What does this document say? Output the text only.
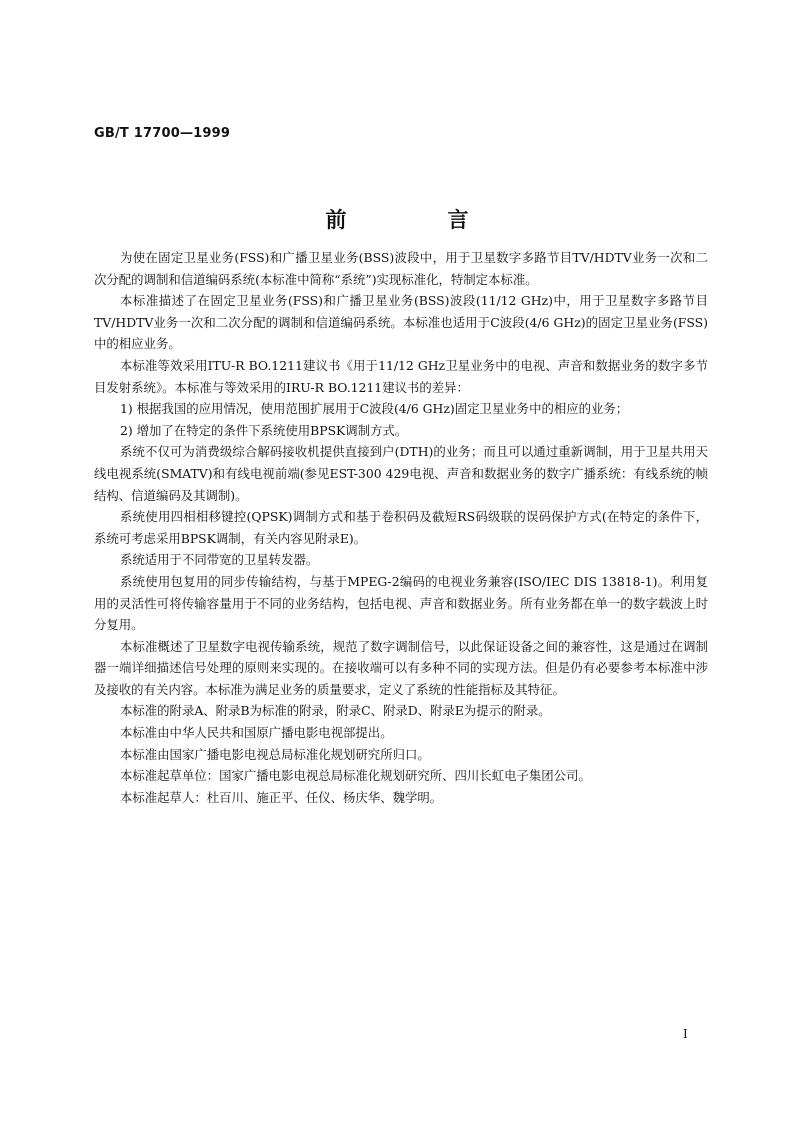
GB/T 17700—1999
前　言

为使在固定卫星业务(FSS)和广播卫星业务(BSS)波段中，用于卫星数字多路节目TV/HDTV业务一次和二次分配的调制和信道编码系统(本标准中简称“系统”)实现标准化，特制定本标准。

本标准描述了在固定卫星业务(FSS)和广播卫星业务(BSS)波段(11/12 GHz)中，用于卫星数字多路节目TV/HDTV业务一次和二次分配的调制和信道编码系统。本标准也适用于C波段(4/6 GHz)的固定卫星业务(FSS)中的相应业务。

本标准等效采用ITU-R BO.1211建议书《用于11/12 GHz卫星业务中的电视、声音和数据业务的数字多节目发射系统》。本标准与等效采用的IRU-R BO.1211建议书的差异：

1) 根据我国的应用情况，使用范围扩展用于C波段(4/6 GHz)固定卫星业务中的相应的业务；

2) 增加了在特定的条件下系统使用BPSK调制方式。

系统不仅可为消费级综合解码接收机提供直接到户(DTH)的业务；而且可以通过重新调制，用于卫星共用天线电视系统(SMATV)和有线电视前端(参见EST-300 429电视、声音和数据业务的数字广播系统：有线系统的帧结构、信道编码及其调制)。

系统使用四相相移键控(QPSK)调制方式和基于卷积码及截短RS码级联的误码保护方式(在特定的条件下，系统可考虑采用BPSK调制，有关内容见附录E)。

系统适用于不同带宽的卫星转发器。

系统使用包复用的同步传输结构，与基于MPEG-2编码的电视业务兼容(ISO/IEC DIS 13818-1)。利用复用的灵活性可将传输容量用于不同的业务结构，包括电视、声音和数据业务。所有业务都在单一的数字载波上时分复用。

本标准概述了卫星数字电视传输系统，规范了数字调制信号，以此保证设备之间的兼容性，这是通过在调制器一端详细描述信号处理的原则来实现的。在接收端可以有多种不同的实现方法。但是仍有必要参考本标准中涉及接收的有关内容。本标准为满足业务的质量要求，定义了系统的性能指标及其特征。

本标准的附录A、附录B为标准的附录，附录C、附录D、附录E为提示的附录。

本标准由中华人民共和国原广播电影电视部提出。

本标准由国家广播电影电视总局标准化规划研究所归口。

本标准起草单位：国家广播电影电视总局标准化规划研究所、四川长虹电子集团公司。

本标准起草人：杜百川、施正平、任仪、杨庆华、魏学明。

I
